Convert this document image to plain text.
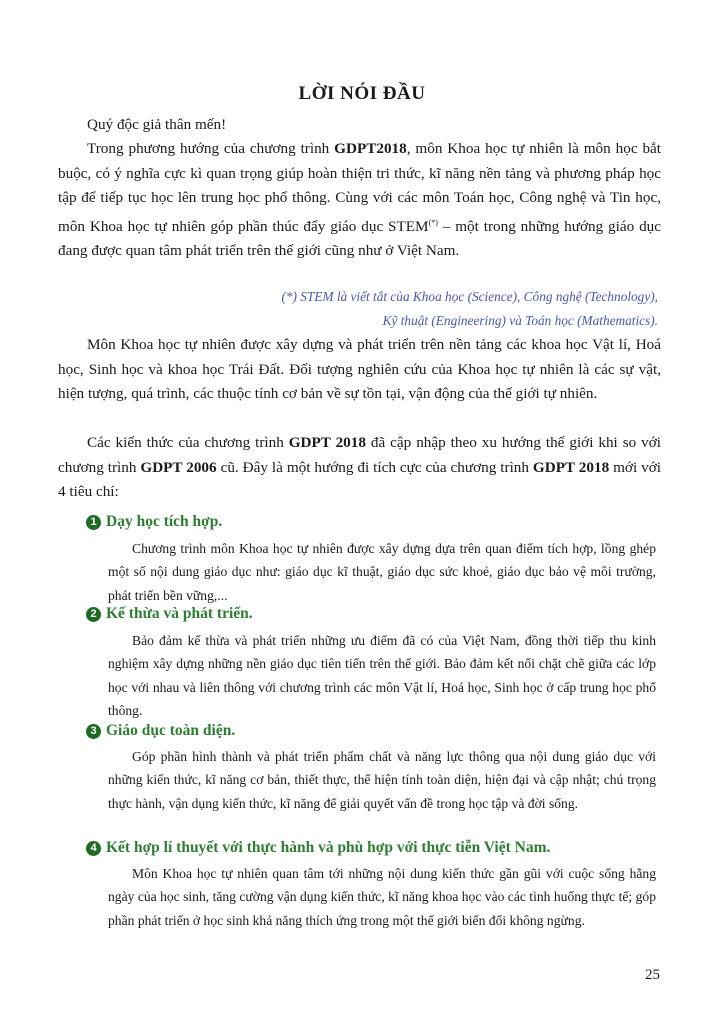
LỜI NÓI ĐẦU

Quý độc giả thân mến!

Trong phương hướng của chương trình GDPT2018, môn Khoa học tự nhiên là môn học bắt buộc, có ý nghĩa cực kì quan trọng giúp hoàn thiện tri thức, kĩ năng nền tảng và phương pháp học tập để tiếp tục học lên trung học phổ thông. Cùng với các môn Toán học, Công nghệ và Tin học, môn Khoa học tự nhiên góp phần thúc đẩy giáo dục STEM(*) – một trong những hướng giáo dục đang được quan tâm phát triển trên thế giới cũng như ở Việt Nam.

(*) STEM là viết tắt của Khoa học (Science), Công nghệ (Technology),

Kỹ thuật (Engineering) và Toán học (Mathematics).

Môn Khoa học tự nhiên được xây dựng và phát triển trên nền tảng các khoa học Vật lí, Hoá học, Sinh học và khoa học Trái Đất. Đối tượng nghiên cứu của Khoa học tự nhiên là các sự vật, hiện tượng, quá trình, các thuộc tính cơ bản về sự tồn tại, vận động của thế giới tự nhiên.

Các kiến thức của chương trình GDPT 2018 đã cập nhập theo xu hướng thế giới khi so với chương trình GDPT 2006 cũ. Đây là một hướng đi tích cực của chương trình GDPT 2018 mới với 4 tiêu chí:

1 Dạy học tích hợp.

Chương trình môn Khoa học tự nhiên được xây dựng dựa trên quan điểm tích hợp, lồng ghép một số nội dung giáo dục như: giáo dục kĩ thuật, giáo dục sức khoẻ, giáo dục bảo vệ môi trường, phát triển bền vững,...

2 Kế thừa và phát triển.

Bảo đảm kế thừa và phát triển những ưu điểm đã có của Việt Nam, đồng thời tiếp thu kinh nghiệm xây dựng những nền giáo dục tiên tiến trên thế giới. Bảo đảm kết nối chặt chẽ giữa các lớp học với nhau và liên thông với chương trình các môn Vật lí, Hoá học, Sinh học ở cấp trung học phổ thông.

3 Giáo dục toàn diện.

Góp phần hình thành và phát triển phẩm chất và năng lực thông qua nội dung giáo dục với những kiến thức, kĩ năng cơ bản, thiết thực, thể hiện tính toàn diện, hiện đại và cập nhật; chú trọng thực hành, vận dụng kiến thức, kĩ năng để giải quyết vấn đề trong học tập và đời sống.

4 Kết hợp lí thuyết với thực hành và phù hợp với thực tiễn Việt Nam.

Môn Khoa học tự nhiên quan tâm tới những nội dung kiến thức gần gũi với cuộc sống hằng ngày của học sinh, tăng cường vận dụng kiến thức, kĩ năng khoa học vào các tình huống thực tế; góp phần phát triển ở học sinh khả năng thích ứng trong một thế giới biến đổi không ngừng.

25
